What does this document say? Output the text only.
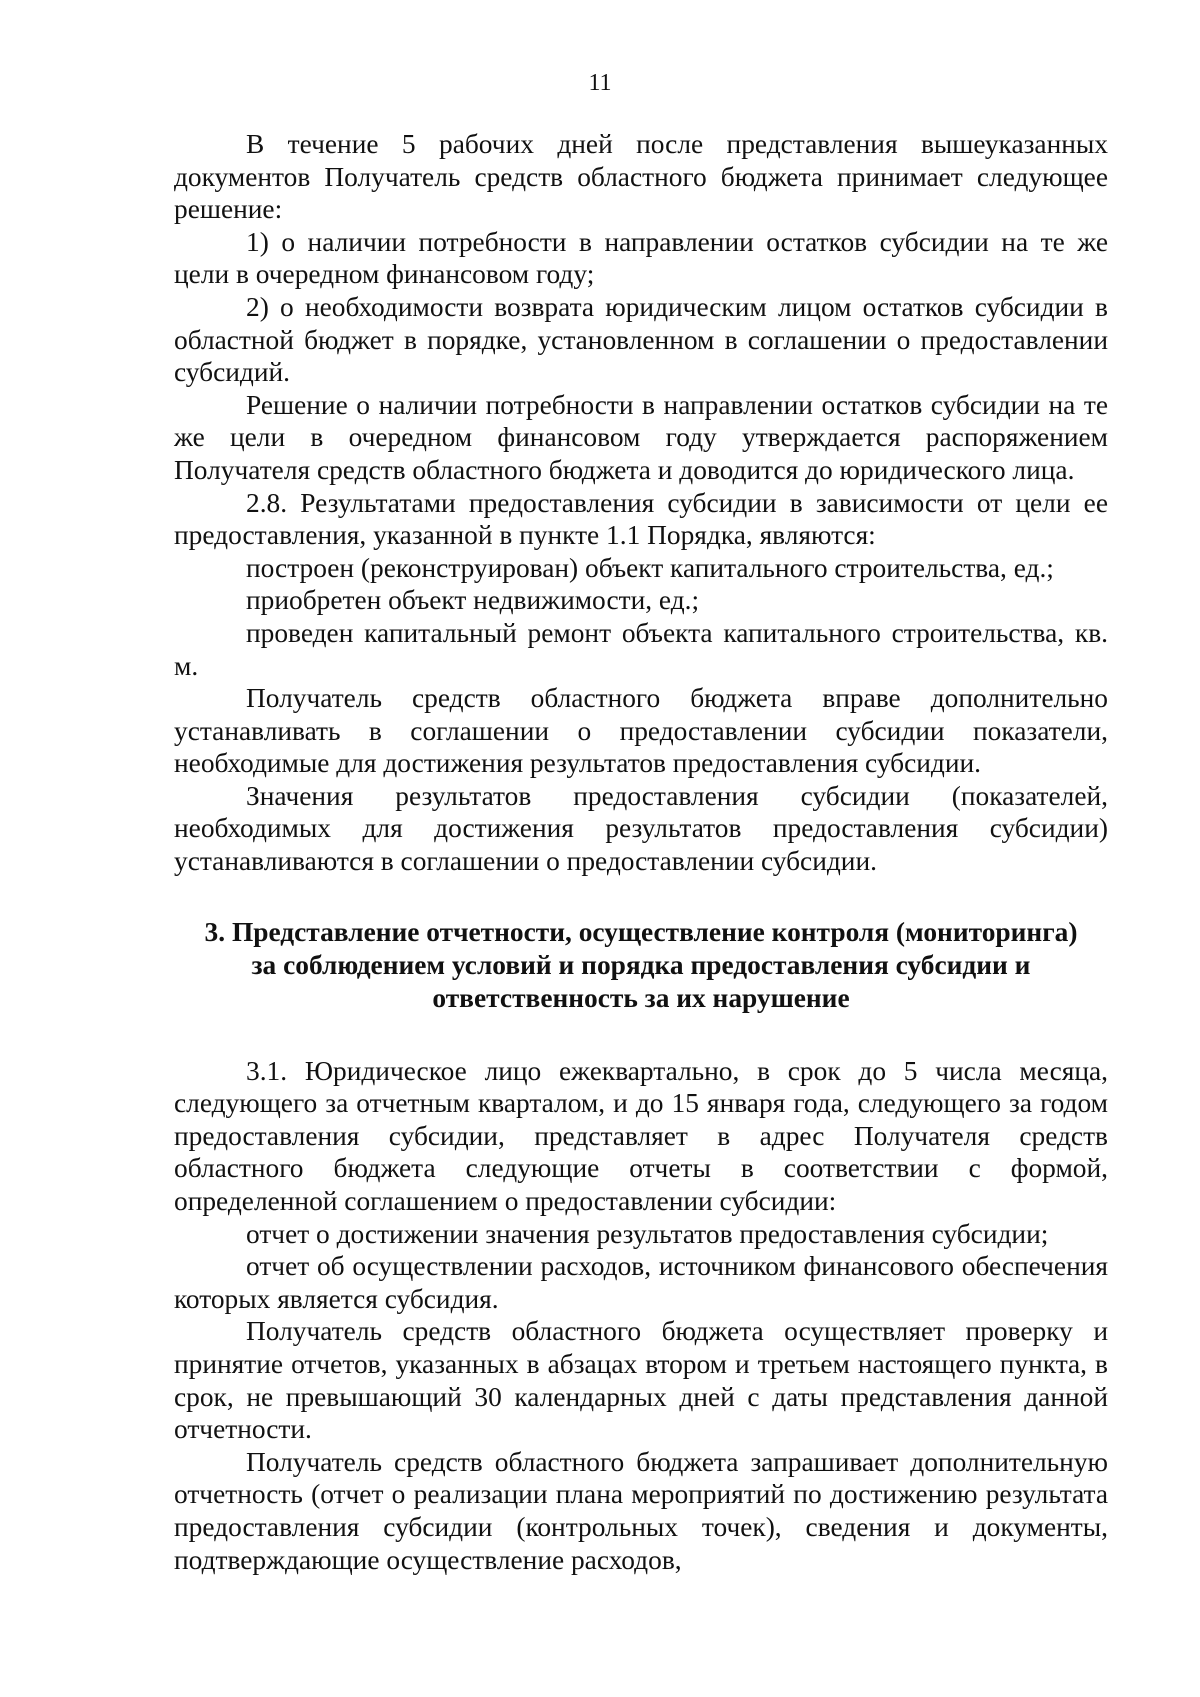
11

В течение 5 рабочих дней после представления вышеуказанных документов Получатель средств областного бюджета принимает следующее решение:

1) о наличии потребности в направлении остатков субсидии на те же цели в очередном финансовом году;

2) о необходимости возврата юридическим лицом остатков субсидии в областной бюджет в порядке, установленном в соглашении о предоставлении субсидий.

Решение о наличии потребности в направлении остатков субсидии на те же цели в очередном финансовом году утверждается распоряжением Получателя средств областного бюджета и доводится до юридического лица.

2.8. Результатами предоставления субсидии в зависимости от цели ее предоставления, указанной в пункте 1.1 Порядка, являются:

построен (реконструирован) объект капитального строительства, ед.;

приобретен объект недвижимости, ед.;

проведен капитальный ремонт объекта капитального строительства, кв. м.

Получатель средств областного бюджета вправе дополнительно устанавливать в соглашении о предоставлении субсидии показатели, необходимые для достижения результатов предоставления субсидии.

Значения результатов предоставления субсидии (показателей, необходимых для достижения результатов предоставления субсидии) устанавливаются в соглашении о предоставлении субсидии.

3. Представление отчетности, осуществление контроля (мониторинга)
за соблюдением условий и порядка предоставления субсидии и
ответственность за их нарушение

3.1. Юридическое лицо ежеквартально, в срок до 5 числа месяца, следующего за отчетным кварталом, и до 15 января года, следующего за годом предоставления субсидии, представляет в адрес Получателя средств областного бюджета следующие отчеты в соответствии с формой, определенной соглашением о предоставлении субсидии:

отчет о достижении значения результатов предоставления субсидии;

отчет об осуществлении расходов, источником финансового обеспечения которых является субсидия.

Получатель средств областного бюджета осуществляет проверку и принятие отчетов, указанных в абзацах втором и третьем настоящего пункта, в срок, не превышающий 30 календарных дней с даты представления данной отчетности.

Получатель средств областного бюджета запрашивает дополнительную отчетность (отчет о реализации плана мероприятий по достижению результата предоставления субсидии (контрольных точек), сведения и документы, подтверждающие осуществление расходов,
